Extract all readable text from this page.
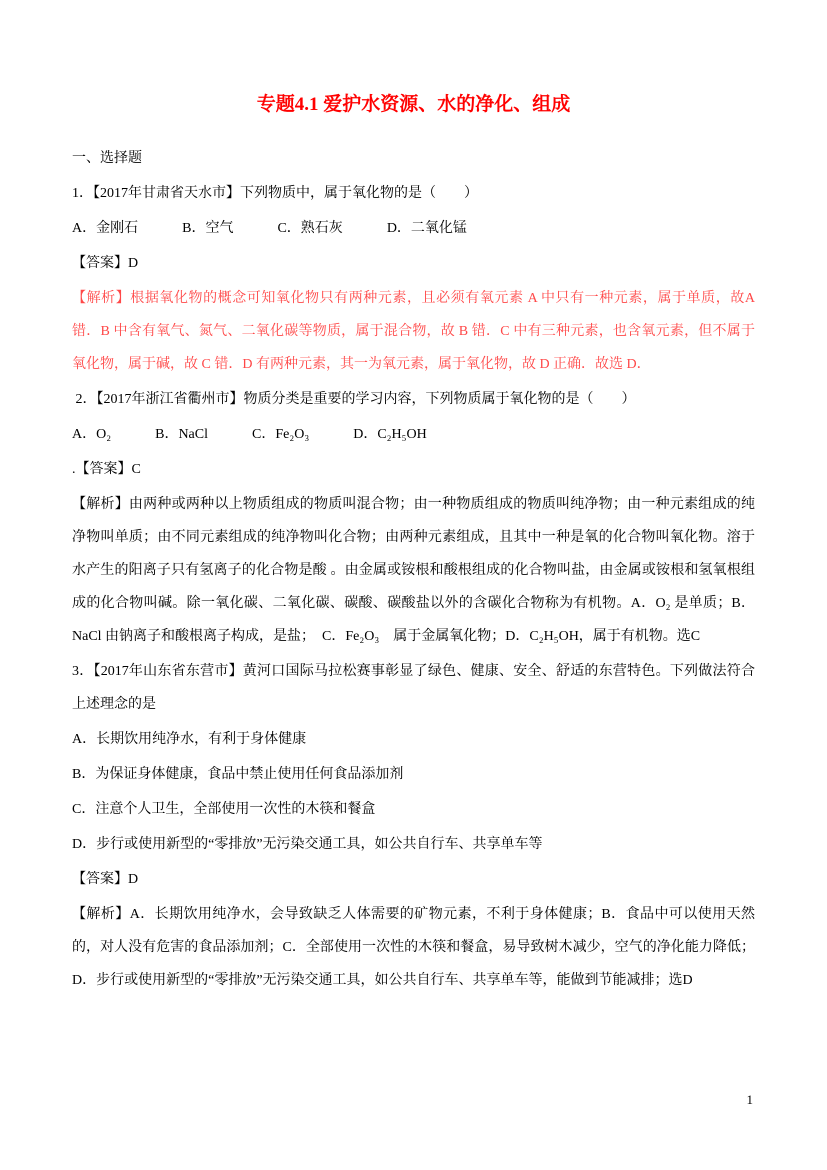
专题4.1 爱护水资源、水的净化、组成

一、选择题

1．【2017年甘肃省天水市】下列物质中，属于氧化物的是（　　）

A．金刚石	B．空气	C．熟石灰	D．二氧化锰

【答案】D

【解析】根据氧化物的概念可知氧化物只有两种元素，且必须有氧元素 A 中只有一种元素，属于单质，故A 错．B 中含有氧气、氮气、二氧化碳等物质，属于混合物，故 B 错．C 中有三种元素，也含氧元素，但不属于氧化物，属于碱，故 C 错．D 有两种元素，其一为氧元素，属于氧化物，故 D 正确．故选 D．

2．【2017年浙江省衢州市】物质分类是重要的学习内容，下列物质属于氧化物的是（　　）

A．O₂	B．NaCl	C．Fe₂O₃	D．C₂H₅OH

.【答案】C

【解析】由两种或两种以上物质组成的物质叫混合物；由一种物质组成的物质叫纯净物；由一种元素组成的纯净物叫单质；由不同元素组成的纯净物叫化合物；由两种元素组成，且其中一种是氧的化合物叫氧化物。溶于水产生的阳离子只有氢离子的化合物是酸 。由金属或铵根和酸根组成的化合物叫盐，由金属或铵根和氢氧根组成的化合物叫碱。除一氧化碳、二氧化碳、碳酸、碳酸盐以外的含碳化合物称为有机物。A．O₂ 是单质；B．NaCl 由钠离子和酸根离子构成，是盐；　C．Fe₂O₃　属于金属氧化物；D．C₂H₅OH，属于有机物。选C

3．【2017年山东省东营市】黄河口国际马拉松赛事彰显了绿色、健康、安全、舒适的东营特色。下列做法符合上述理念的是

A．长期饮用纯净水，有利于身体健康

B．为保证身体健康，食品中禁止使用任何食品添加剂

C．注意个人卫生，全部使用一次性的木筷和餐盒

D．步行或使用新型的“零排放”无污染交通工具，如公共自行车、共享单车等

【答案】D

【解析】A．长期饮用纯净水，会导致缺乏人体需要的矿物元素，不利于身体健康；B．食品中可以使用天然的，对人没有危害的食品添加剂；C．全部使用一次性的木筷和餐盒，易导致树木减少，空气的净化能力降低；D．步行或使用新型的“零排放”无污染交通工具，如公共自行车、共享单车等，能做到节能减排；选D

1
